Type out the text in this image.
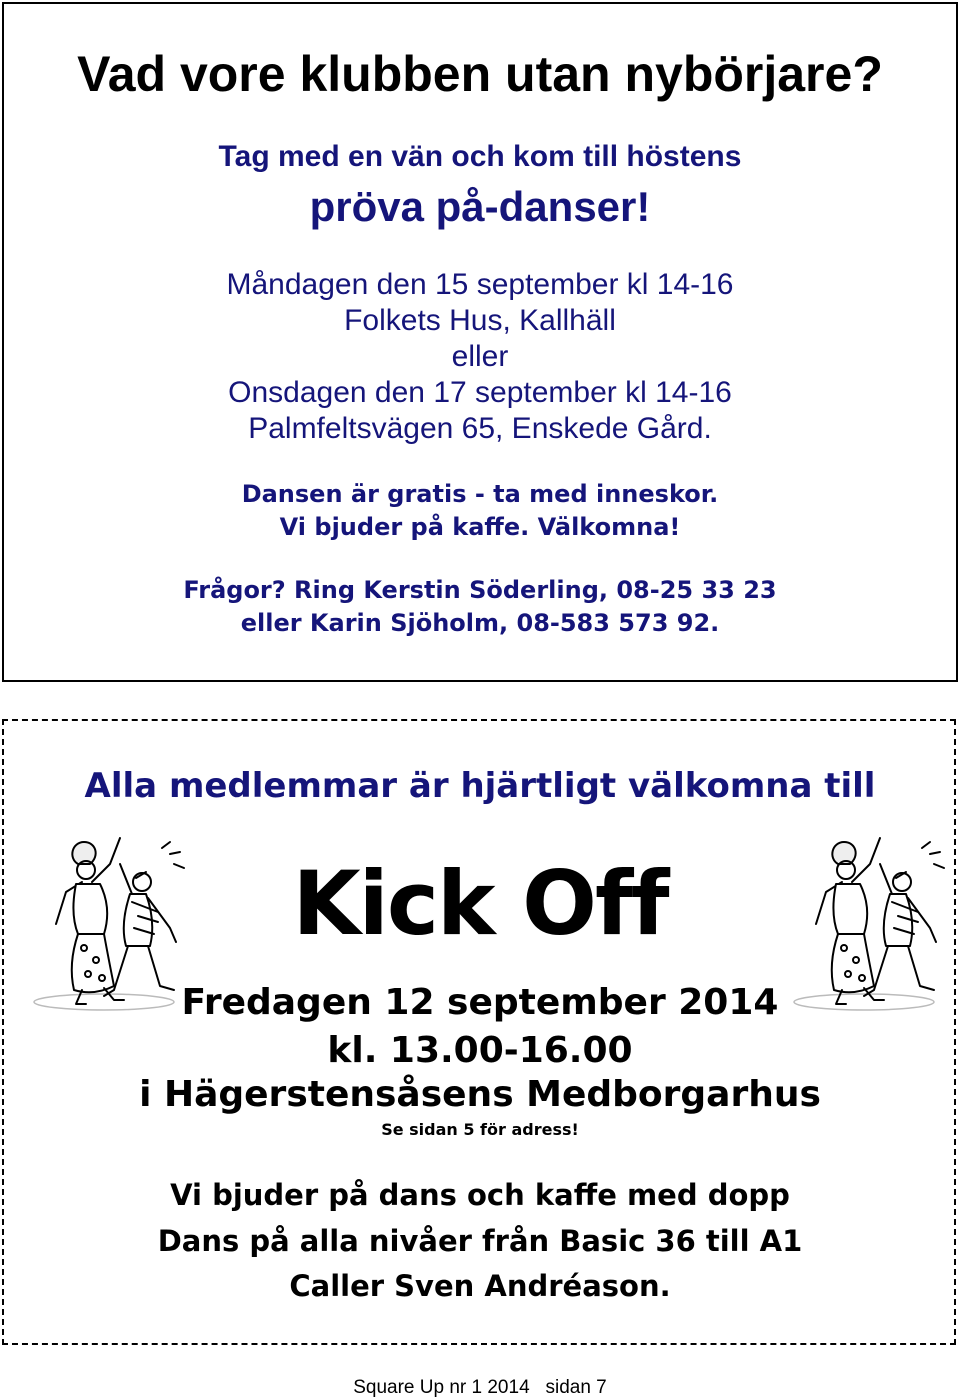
Vad vore klubben utan nybörjare?
Tag med en vän och kom till höstens
pröva på-danser!
Måndagen den 15 september kl 14-16
Folkets Hus, Kallhäll
eller
Onsdagen den 17 september kl 14-16
Palmfeltsvägen 65, Enskede Gård.
Dansen är gratis - ta med inneskor.
Vi bjuder på kaffe. Välkomna!
Frågor? Ring Kerstin Söderling, 08-25 33 23
eller Karin Sjöholm, 08-583 573 92.
Alla medlemmar är hjärtligt välkomna till
Kick Off
Fredagen 12 september 2014
kl. 13.00-16.00
i Hägerstensåsens Medborgarhus
Se sidan 5 för adress!
Vi bjuder på dans och kaffe med dopp
Dans på alla nivåer från Basic 36 till A1
Caller Sven Andréason.
Square Up nr 1 2014   sidan 7
